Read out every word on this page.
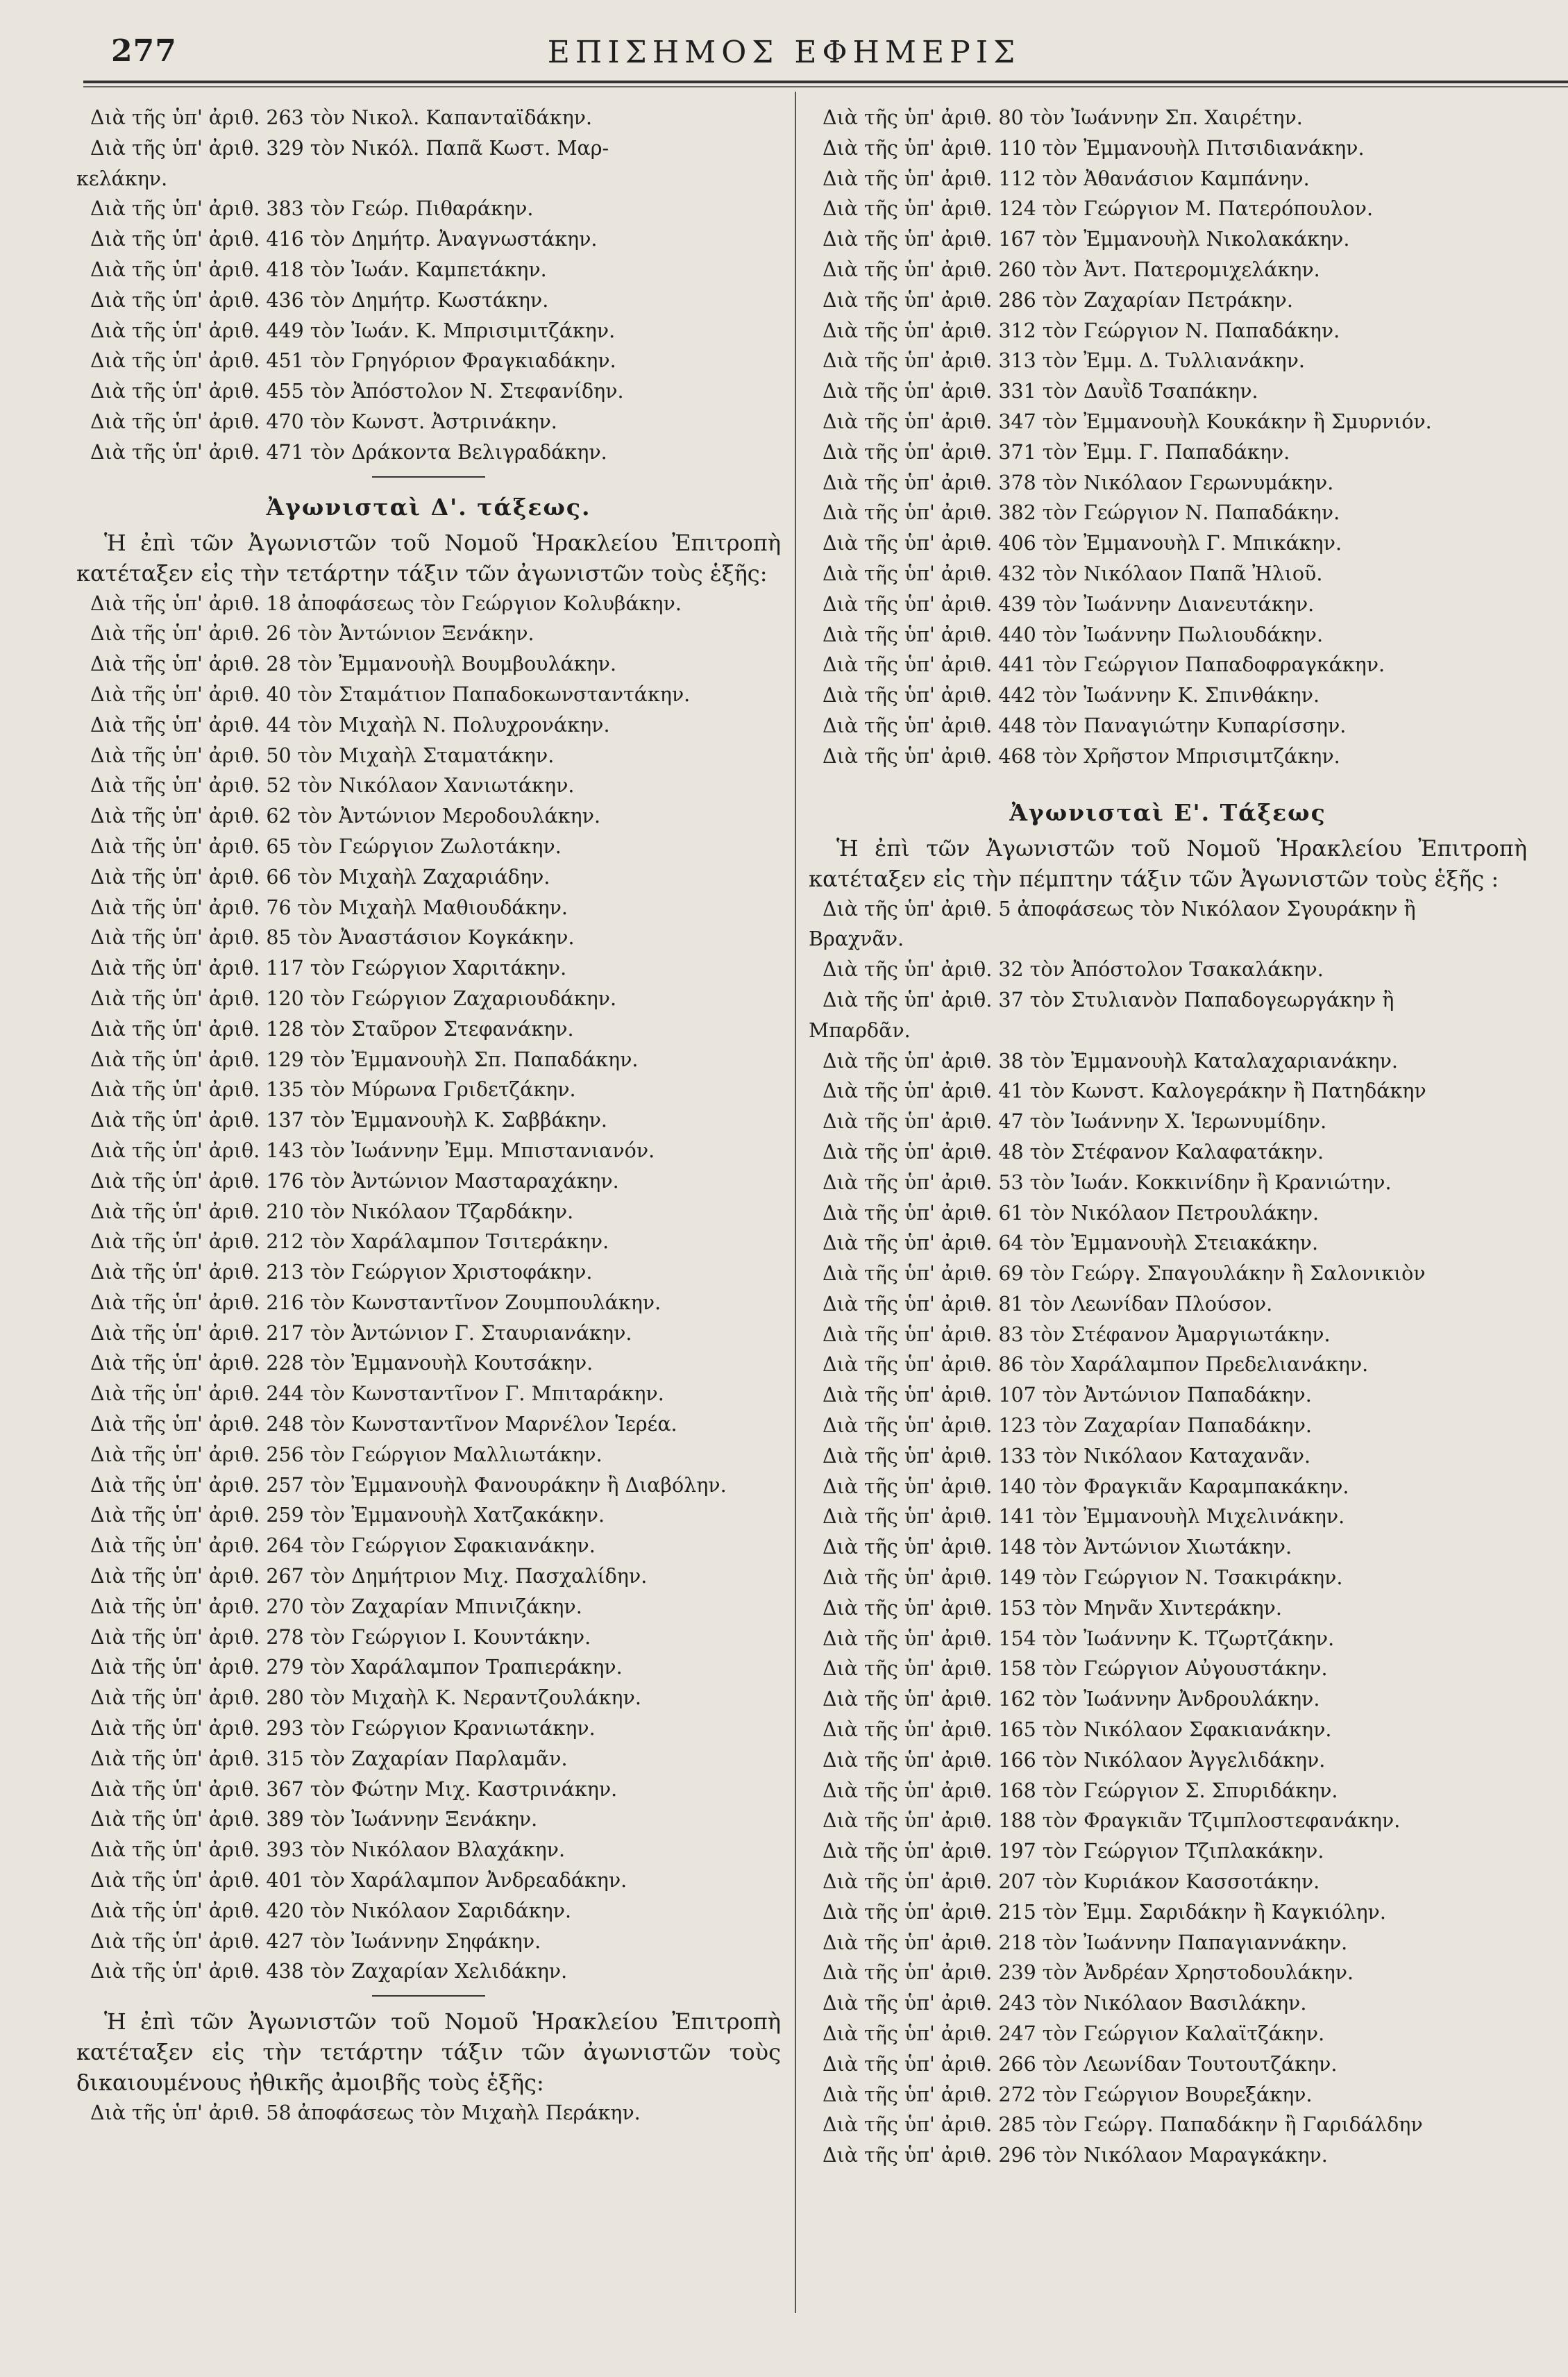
277	ΕΠΙΣΗΜΟΣ ΕΦΗΜΕΡΙΣ
Διὰ τῆς ὑπ' ἀριθ. 263 τὸν Νικολ. Καπανταϊδάκην.
Διὰ τῆς ὑπ' ἀριθ. 329 τὸν Νικόλ. Παπᾶ Κωστ. Μαρ-
κελάκην.
Διὰ τῆς ὑπ' ἀριθ. 383 τὸν Γεώρ. Πιθαράκην.
Διὰ τῆς ὑπ' ἀριθ. 416 τὸν Δημήτρ. Ἀναγνωστάκην.
Διὰ τῆς ὑπ' ἀριθ. 418 τὸν Ἰωάν. Καμπετάκην.
Διὰ τῆς ὑπ' ἀριθ. 436 τὸν Δημήτρ. Κωστάκην.
Διὰ τῆς ὑπ' ἀριθ. 449 τὸν Ἰωάν. Κ. Μπρισιμιτζάκην.
Διὰ τῆς ὑπ' ἀριθ. 451 τὸν Γρηγόριον Φραγκιαδάκην.
Διὰ τῆς ὑπ' ἀριθ. 455 τὸν Ἀπόστολον Ν. Στεφανίδην.
Διὰ τῆς ὑπ' ἀριθ. 470 τὸν Κωνστ. Ἀστρινάκην.
Διὰ τῆς ὑπ' ἀριθ. 471 τὸν Δράκοντα Βελιγραδάκην.
Ἀγωνισταὶ Δ'. τάξεως.
Ἡ ἐπὶ τῶν Ἀγωνιστῶν τοῦ Νομοῦ Ἡρακλείου Ἐπιτροπὴ κατέταξεν εἰς τὴν τετάρτην τάξιν τῶν ἀγωνιστῶν τοὺς ἑξῆς:
Διὰ τῆς ὑπ' ἀριθ. 18 ἀποφάσεως τὸν Γεώργιον Κολυβάκην.
Διὰ τῆς ὑπ' ἀριθ. 26 τὸν Ἀντώνιον Ξενάκην.
Διὰ τῆς ὑπ' ἀριθ. 28 τὸν Ἐμμανουὴλ Βουμβουλάκην.
Διὰ τῆς ὑπ' ἀριθ. 40 τὸν Σταμάτιον Παπαδοκωνσταντάκην.
Διὰ τῆς ὑπ' ἀριθ. 44 τὸν Μιχαὴλ Ν. Πολυχρονάκην.
Διὰ τῆς ὑπ' ἀριθ. 50 τὸν Μιχαὴλ Σταματάκην.
Διὰ τῆς ὑπ' ἀριθ. 52 τὸν Νικόλαον Χανιωτάκην.
Διὰ τῆς ὑπ' ἀριθ. 62 τὸν Ἀντώνιον Μεροδουλάκην.
Διὰ τῆς ὑπ' ἀριθ. 65 τὸν Γεώργιον Ζωλοτάκην.
Διὰ τῆς ὑπ' ἀριθ. 66 τὸν Μιχαὴλ Ζαχαριάδην.
Διὰ τῆς ὑπ' ἀριθ. 76 τὸν Μιχαὴλ Μαθιουδάκην.
Διὰ τῆς ὑπ' ἀριθ. 85 τὸν Ἀναστάσιον Κογκάκην.
Διὰ τῆς ὑπ' ἀριθ. 117 τὸν Γεώργιον Χαριτάκην.
Διὰ τῆς ὑπ' ἀριθ. 120 τὸν Γεώργιον Ζαχαριουδάκην.
Διὰ τῆς ὑπ' ἀριθ. 128 τὸν Σταῦρον Στεφανάκην.
Διὰ τῆς ὑπ' ἀριθ. 129 τὸν Ἐμμανουὴλ Σπ. Παπαδάκην.
Διὰ τῆς ὑπ' ἀριθ. 135 τὸν Μύρωνα Γριδετζάκην.
Διὰ τῆς ὑπ' ἀριθ. 137 τὸν Ἐμμανουὴλ Κ. Σαββάκην.
Διὰ τῆς ὑπ' ἀριθ. 143 τὸν Ἰωάννην Ἐμμ. Μπιστανιανόν.
Διὰ τῆς ὑπ' ἀριθ. 176 τὸν Ἀντώνιον Μασταραχάκην.
Διὰ τῆς ὑπ' ἀριθ. 210 τὸν Νικόλαον Τζαρδάκην.
Διὰ τῆς ὑπ' ἀριθ. 212 τὸν Χαράλαμπον Τσιτεράκην.
Διὰ τῆς ὑπ' ἀριθ. 213 τὸν Γεώργιον Χριστοφάκην.
Διὰ τῆς ὑπ' ἀριθ. 216 τὸν Κωνσταντῖνον Ζουμπουλάκην.
Διὰ τῆς ὑπ' ἀριθ. 217 τὸν Ἀντώνιον Γ. Σταυριανάκην.
Διὰ τῆς ὑπ' ἀριθ. 228 τὸν Ἐμμανουὴλ Κουτσάκην.
Διὰ τῆς ὑπ' ἀριθ. 244 τὸν Κωνσταντῖνον Γ. Μπιταράκην.
Διὰ τῆς ὑπ' ἀριθ. 248 τὸν Κωνσταντῖνον Μαρνέλον Ἱερέα.
Διὰ τῆς ὑπ' ἀριθ. 256 τὸν Γεώργιον Μαλλιωτάκην.
Διὰ τῆς ὑπ' ἀριθ. 257 τὸν Ἐμμανουὴλ Φανουράκην ἢ Διαβόλην.
Διὰ τῆς ὑπ' ἀριθ. 259 τὸν Ἐμμανουὴλ Χατζακάκην.
Διὰ τῆς ὑπ' ἀριθ. 264 τὸν Γεώργιον Σφακιανάκην.
Διὰ τῆς ὑπ' ἀριθ. 267 τὸν Δημήτριον Μιχ. Πασχαλίδην.
Διὰ τῆς ὑπ' ἀριθ. 270 τὸν Ζαχαρίαν Μπινιζάκην.
Διὰ τῆς ὑπ' ἀριθ. 278 τὸν Γεώργιον Ι. Κουντάκην.
Διὰ τῆς ὑπ' ἀριθ. 279 τὸν Χαράλαμπον Τραπιεράκην.
Διὰ τῆς ὑπ' ἀριθ. 280 τὸν Μιχαὴλ Κ. Νεραντζουλάκην.
Διὰ τῆς ὑπ' ἀριθ. 293 τὸν Γεώργιον Κρανιωτάκην.
Διὰ τῆς ὑπ' ἀριθ. 315 τὸν Ζαχαρίαν Παρλαμᾶν.
Διὰ τῆς ὑπ' ἀριθ. 367 τὸν Φώτην Μιχ. Καστρινάκην.
Διὰ τῆς ὑπ' ἀριθ. 389 τὸν Ἰωάννην Ξενάκην.
Διὰ τῆς ὑπ' ἀριθ. 393 τὸν Νικόλαον Βλαχάκην.
Διὰ τῆς ὑπ' ἀριθ. 401 τὸν Χαράλαμπον Ἀνδρεαδάκην.
Διὰ τῆς ὑπ' ἀριθ. 420 τὸν Νικόλαον Σαριδάκην.
Διὰ τῆς ὑπ' ἀριθ. 427 τὸν Ἰωάννην Σηφάκην.
Διὰ τῆς ὑπ' ἀριθ. 438 τὸν Ζαχαρίαν Χελιδάκην.
Ἡ ἐπὶ τῶν Ἀγωνιστῶν τοῦ Νομοῦ Ἡρακλείου Ἐπιτροπὴ κατέταξεν εἰς τὴν τετάρτην τάξιν τῶν ἀγωνιστῶν τοὺς δικαιουμένους ἠθικῆς ἀμοιβῆς τοὺς ἑξῆς:
Διὰ τῆς ὑπ' ἀριθ. 58 ἀποφάσεως τὸν Μιχαὴλ Περάκην.
Διὰ τῆς ὑπ' ἀριθ. 80 τὸν Ἰωάννην Σπ. Χαιρέτην.
Διὰ τῆς ὑπ' ἀριθ. 110 τὸν Ἐμμανουὴλ Πιτσιδιανάκην.
Διὰ τῆς ὑπ' ἀριθ. 112 τὸν Ἀθανάσιον Καμπάνην.
Διὰ τῆς ὑπ' ἀριθ. 124 τὸν Γεώργιον Μ. Πατερόπουλον.
Διὰ τῆς ὑπ' ἀριθ. 167 τὸν Ἐμμανουὴλ Νικολακάκην.
Διὰ τῆς ὑπ' ἀριθ. 260 τὸν Ἀντ. Πατερομιχελάκην.
Διὰ τῆς ὑπ' ἀριθ. 286 τὸν Ζαχαρίαν Πετράκην.
Διὰ τῆς ὑπ' ἀριθ. 312 τὸν Γεώργιον Ν. Παπαδάκην.
Διὰ τῆς ὑπ' ἀριθ. 313 τὸν Ἐμμ. Δ. Τυλλιανάκην.
Διὰ τῆς ὑπ' ἀριθ. 331 τὸν Δαυῒδ Τσαπάκην.
Διὰ τῆς ὑπ' ἀριθ. 347 τὸν Ἐμμανουὴλ Κουκάκην ἢ Σμυρνιόν.
Διὰ τῆς ὑπ' ἀριθ. 371 τὸν Ἐμμ. Γ. Παπαδάκην.
Διὰ τῆς ὑπ' ἀριθ. 378 τὸν Νικόλαον Γερωνυμάκην.
Διὰ τῆς ὑπ' ἀριθ. 382 τὸν Γεώργιον Ν. Παπαδάκην.
Διὰ τῆς ὑπ' ἀριθ. 406 τὸν Ἐμμανουὴλ Γ. Μπικάκην.
Διὰ τῆς ὑπ' ἀριθ. 432 τὸν Νικόλαον Παπᾶ Ἠλιοῦ.
Διὰ τῆς ὑπ' ἀριθ. 439 τὸν Ἰωάννην Διανευτάκην.
Διὰ τῆς ὑπ' ἀριθ. 440 τὸν Ἰωάννην Πωλιουδάκην.
Διὰ τῆς ὑπ' ἀριθ. 441 τὸν Γεώργιον Παπαδοφραγκάκην.
Διὰ τῆς ὑπ' ἀριθ. 442 τὸν Ἰωάννην Κ. Σπινθάκην.
Διὰ τῆς ὑπ' ἀριθ. 448 τὸν Παναγιώτην Κυπαρίσσην.
Διὰ τῆς ὑπ' ἀριθ. 468 τὸν Χρῆστον Μπρισιμτζάκην.
Ἀγωνισταὶ Ε'. Τάξεως
Ἡ ἐπὶ τῶν Ἀγωνιστῶν τοῦ Νομοῦ Ἡρακλείου Ἐπιτροπὴ κατέταξεν εἰς τὴν πέμπτην τάξιν τῶν Ἀγωνιστῶν τοὺς ἑξῆς :
Διὰ τῆς ὑπ' ἀριθ. 5 ἀποφάσεως τὸν Νικόλαον Σγουράκην ἢ
Βραχνᾶν.
Διὰ τῆς ὑπ' ἀριθ. 32 τὸν Ἀπόστολον Τσακαλάκην.
Διὰ τῆς ὑπ' ἀριθ. 37 τὸν Στυλιανὸν Παπαδογεωργάκην ἢ
Μπαρδᾶν.
Διὰ τῆς ὑπ' ἀριθ. 38 τὸν Ἐμμανουὴλ Καταλαχαριανάκην.
Διὰ τῆς ὑπ' ἀριθ. 41 τὸν Κωνστ. Καλογεράκην ἢ Πατηδάκην
Διὰ τῆς ὑπ' ἀριθ. 47 τὸν Ἰωάννην Χ. Ἱερωνυμίδην.
Διὰ τῆς ὑπ' ἀριθ. 48 τὸν Στέφανον Καλαφατάκην.
Διὰ τῆς ὑπ' ἀριθ. 53 τὸν Ἰωάν. Κοκκινίδην ἢ Κρανιώτην.
Διὰ τῆς ὑπ' ἀριθ. 61 τὸν Νικόλαον Πετρουλάκην.
Διὰ τῆς ὑπ' ἀριθ. 64 τὸν Ἐμμανουὴλ Στειακάκην.
Διὰ τῆς ὑπ' ἀριθ. 69 τὸν Γεώργ. Σπαγουλάκην ἢ Σαλονικιὸν
Διὰ τῆς ὑπ' ἀριθ. 81 τὸν Λεωνίδαν Πλούσον.
Διὰ τῆς ὑπ' ἀριθ. 83 τὸν Στέφανον Ἀμαργιωτάκην.
Διὰ τῆς ὑπ' ἀριθ. 86 τὸν Χαράλαμπον Πρεδελιανάκην.
Διὰ τῆς ὑπ' ἀριθ. 107 τὸν Ἀντώνιον Παπαδάκην.
Διὰ τῆς ὑπ' ἀριθ. 123 τὸν Ζαχαρίαν Παπαδάκην.
Διὰ τῆς ὑπ' ἀριθ. 133 τὸν Νικόλαον Καταχανᾶν.
Διὰ τῆς ὑπ' ἀριθ. 140 τὸν Φραγκιᾶν Καραμπακάκην.
Διὰ τῆς ὑπ' ἀριθ. 141 τὸν Ἐμμανουὴλ Μιχελινάκην.
Διὰ τῆς ὑπ' ἀριθ. 148 τὸν Ἀντώνιον Χιωτάκην.
Διὰ τῆς ὑπ' ἀριθ. 149 τὸν Γεώργιον Ν. Τσακιράκην.
Διὰ τῆς ὑπ' ἀριθ. 153 τὸν Μηνᾶν Χιντεράκην.
Διὰ τῆς ὑπ' ἀριθ. 154 τὸν Ἰωάννην Κ. Τζωρτζάκην.
Διὰ τῆς ὑπ' ἀριθ. 158 τὸν Γεώργιον Αὐγουστάκην.
Διὰ τῆς ὑπ' ἀριθ. 162 τὸν Ἰωάννην Ἀνδρουλάκην.
Διὰ τῆς ὑπ' ἀριθ. 165 τὸν Νικόλαον Σφακιανάκην.
Διὰ τῆς ὑπ' ἀριθ. 166 τὸν Νικόλαον Ἀγγελιδάκην.
Διὰ τῆς ὑπ' ἀριθ. 168 τὸν Γεώργιον Σ. Σπυριδάκην.
Διὰ τῆς ὑπ' ἀριθ. 188 τὸν Φραγκιᾶν Τζιμπλοστεφανάκην.
Διὰ τῆς ὑπ' ἀριθ. 197 τὸν Γεώργιον Τζιπλακάκην.
Διὰ τῆς ὑπ' ἀριθ. 207 τὸν Κυριάκον Κασσοτάκην.
Διὰ τῆς ὑπ' ἀριθ. 215 τὸν Ἐμμ. Σαριδάκην ἢ Καγκιόλην.
Διὰ τῆς ὑπ' ἀριθ. 218 τὸν Ἰωάννην Παπαγιαννάκην.
Διὰ τῆς ὑπ' ἀριθ. 239 τὸν Ἀνδρέαν Χρηστοδουλάκην.
Διὰ τῆς ὑπ' ἀριθ. 243 τὸν Νικόλαον Βασιλάκην.
Διὰ τῆς ὑπ' ἀριθ. 247 τὸν Γεώργιον Καλαϊτζάκην.
Διὰ τῆς ὑπ' ἀριθ. 266 τὸν Λεωνίδαν Τουτουτζάκην.
Διὰ τῆς ὑπ' ἀριθ. 272 τὸν Γεώργιον Βουρεξάκην.
Διὰ τῆς ὑπ' ἀριθ. 285 τὸν Γεώργ. Παπαδάκην ἢ Γαριδάλδην
Διὰ τῆς ὑπ' ἀριθ. 296 τὸν Νικόλαον Μαραγκάκην.
